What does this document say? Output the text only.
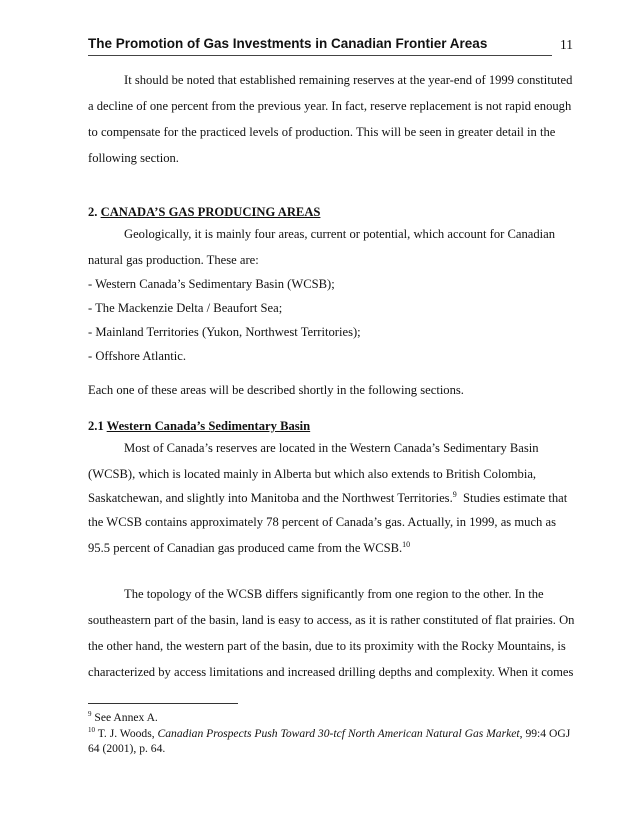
The Promotion of Gas Investments in Canadian Frontier Areas	11
It should be noted that established remaining reserves at the year-end of 1999 constituted
a decline of one percent from the previous year. In fact, reserve replacement is not rapid enough
to compensate for the practiced levels of production. This will be seen in greater detail in the
following section.
2. CANADA’S GAS PRODUCING AREAS
Geologically, it is mainly four areas, current or potential, which account for Canadian
natural gas production. These are:
- Western Canada’s Sedimentary Basin (WCSB);
- The Mackenzie Delta / Beaufort Sea;
- Mainland Territories (Yukon, Northwest Territories);
- Offshore Atlantic.
Each one of these areas will be described shortly in the following sections.
2.1 Western Canada’s Sedimentary Basin
Most of Canada’s reserves are located in the Western Canada’s Sedimentary Basin
(WCSB), which is located mainly in Alberta but which also extends to British Colombia,
Saskatchewan, and slightly into Manitoba and the Northwest Territories.$^9$  Studies estimate that
the WCSB contains approximately 78 percent of Canada’s gas. Actually, in 1999, as much as
95.5 percent of Canadian gas produced came from the WCSB.$^{10}$
The topology of the WCSB differs significantly from one region to the other. In the
southeastern part of the basin, land is easy to access, as it is rather constituted of flat prairies. On
the other hand, the western part of the basin, due to its proximity with the Rocky Mountains, is
characterized by access limitations and increased drilling depths and complexity. When it comes
$^9$ See Annex A.
$^{10}$ T. J. Woods, Canadian Prospects Push Toward 30-tcf North American Natural Gas Market, 99:4 OGJ
64 (2001), p. 64.
